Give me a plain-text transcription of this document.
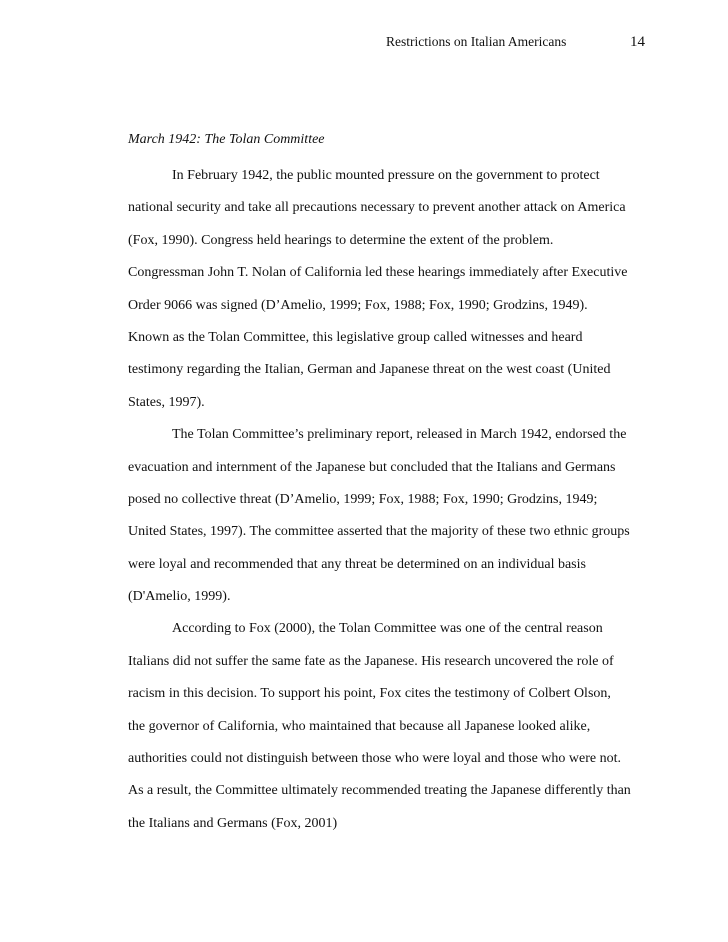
Restrictions on Italian Americans	14
March 1942: The Tolan Committee
In February 1942, the public mounted pressure on the government to protect
national security and take all precautions necessary to prevent another attack on America
(Fox, 1990). Congress held hearings to determine the extent of the problem.
Congressman John T. Nolan of California led these hearings immediately after Executive
Order 9066 was signed (D’Amelio, 1999; Fox, 1988; Fox, 1990; Grodzins, 1949).
Known as the Tolan Committee, this legislative group called witnesses and heard
testimony regarding the Italian, German and Japanese threat on the west coast (United
States, 1997).
The Tolan Committee’s preliminary report, released in March 1942, endorsed the
evacuation and internment of the Japanese but concluded that the Italians and Germans
posed no collective threat (D’Amelio, 1999; Fox, 1988; Fox, 1990; Grodzins, 1949;
United States, 1997). The committee asserted that the majority of these two ethnic groups
were loyal and recommended that any threat be determined on an individual basis
(D'Amelio, 1999).
According to Fox (2000), the Tolan Committee was one of the central reason
Italians did not suffer the same fate as the Japanese. His research uncovered the role of
racism in this decision. To support his point, Fox cites the testimony of Colbert Olson,
the governor of California, who maintained that because all Japanese looked alike,
authorities could not distinguish between those who were loyal and those who were not.
As a result, the Committee ultimately recommended treating the Japanese differently than
the Italians and Germans (Fox, 2001)
